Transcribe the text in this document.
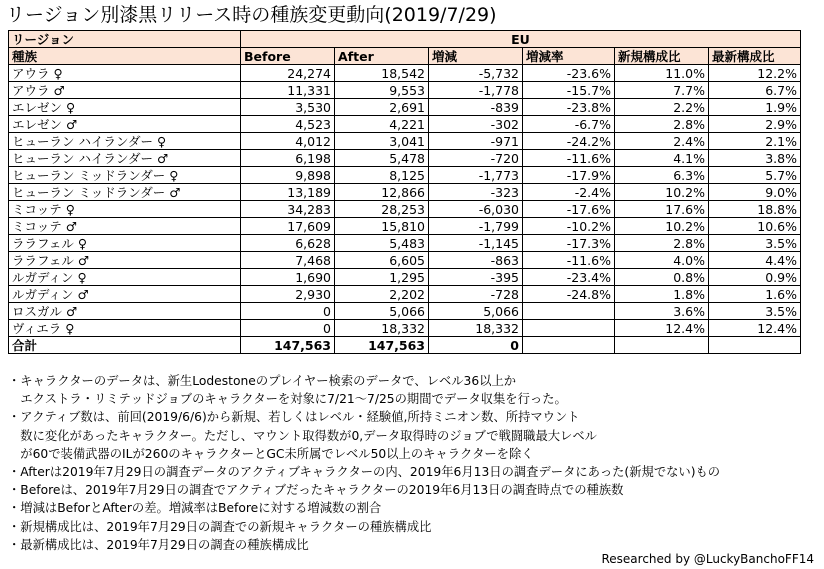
リージョン別漆黒リリース時の種族変更動向(2019/7/29)
リージョン	EU					
種族	Before	After	増減	増減率	新規構成比	最新構成比
アウラ ♀	24,274	18,542	-5,732	-23.6%	11.0%	12.2%
アウラ ♂	11,331	9,553	-1,778	-15.7%	7.7%	6.7%
エレゼン ♀	3,530	2,691	-839	-23.8%	2.2%	1.9%
エレゼン ♂	4,523	4,221	-302	-6.7%	2.8%	2.9%
ヒューラン ハイランダー ♀	4,012	3,041	-971	-24.2%	2.4%	2.1%
ヒューラン ハイランダー ♂	6,198	5,478	-720	-11.6%	4.1%	3.8%
ヒューラン ミッドランダー ♀	9,898	8,125	-1,773	-17.9%	6.3%	5.7%
ヒューラン ミッドランダー ♂	13,189	12,866	-323	-2.4%	10.2%	9.0%
ミコッテ ♀	34,283	28,253	-6,030	-17.6%	17.6%	18.8%
ミコッテ ♂	17,609	15,810	-1,799	-10.2%	10.2%	10.6%
ララフェル ♀	6,628	5,483	-1,145	-17.3%	2.8%	3.5%
ララフェル ♂	7,468	6,605	-863	-11.6%	4.0%	4.4%
ルガディン ♀	1,690	1,295	-395	-23.4%	0.8%	0.9%
ルガディン ♂	2,930	2,202	-728	-24.8%	1.8%	1.6%
ロスガル ♂	0	5,066	5,066		3.6%	3.5%
ヴィエラ ♀	0	18,332	18,332		12.4%	12.4%
合計	147,563	147,563	0			
・キャラクターのデータは、新生Lodestoneのプレイヤー検索のデータで、レベル36以上か
　エクストラ・リミテッドジョブのキャラクターを対象に7/21～7/25の期間でデータ収集を行った。
・アクティブ数は、前回(2019/6/6)から新規、若しくはレベル・経験値,所持ミニオン数、所持マウント
　数に変化があったキャラクター。ただし、マウント取得数が0,データ取得時のジョブで戦闘職最大レベル
　が60で装備武器のILが260のキャラクターとGC未所属でレベル50以上のキャラクターを除く
・Afterは2019年7月29日の調査データのアクティブキャラクターの内、2019年6月13日の調査データにあった(新規でない)もの
・Beforeは、2019年7月29日の調査でアクティブだったキャラクターの2019年6月13日の調査時点での種族数
・増減はBeforとAfterの差。増減率はBeforeに対する増減数の割合
・新規構成比は、2019年7月29日の調査での新規キャラクターの種族構成比
・最新構成比は、2019年7月29日の調査の種族構成比
Researched by @LuckyBanchoFF14
